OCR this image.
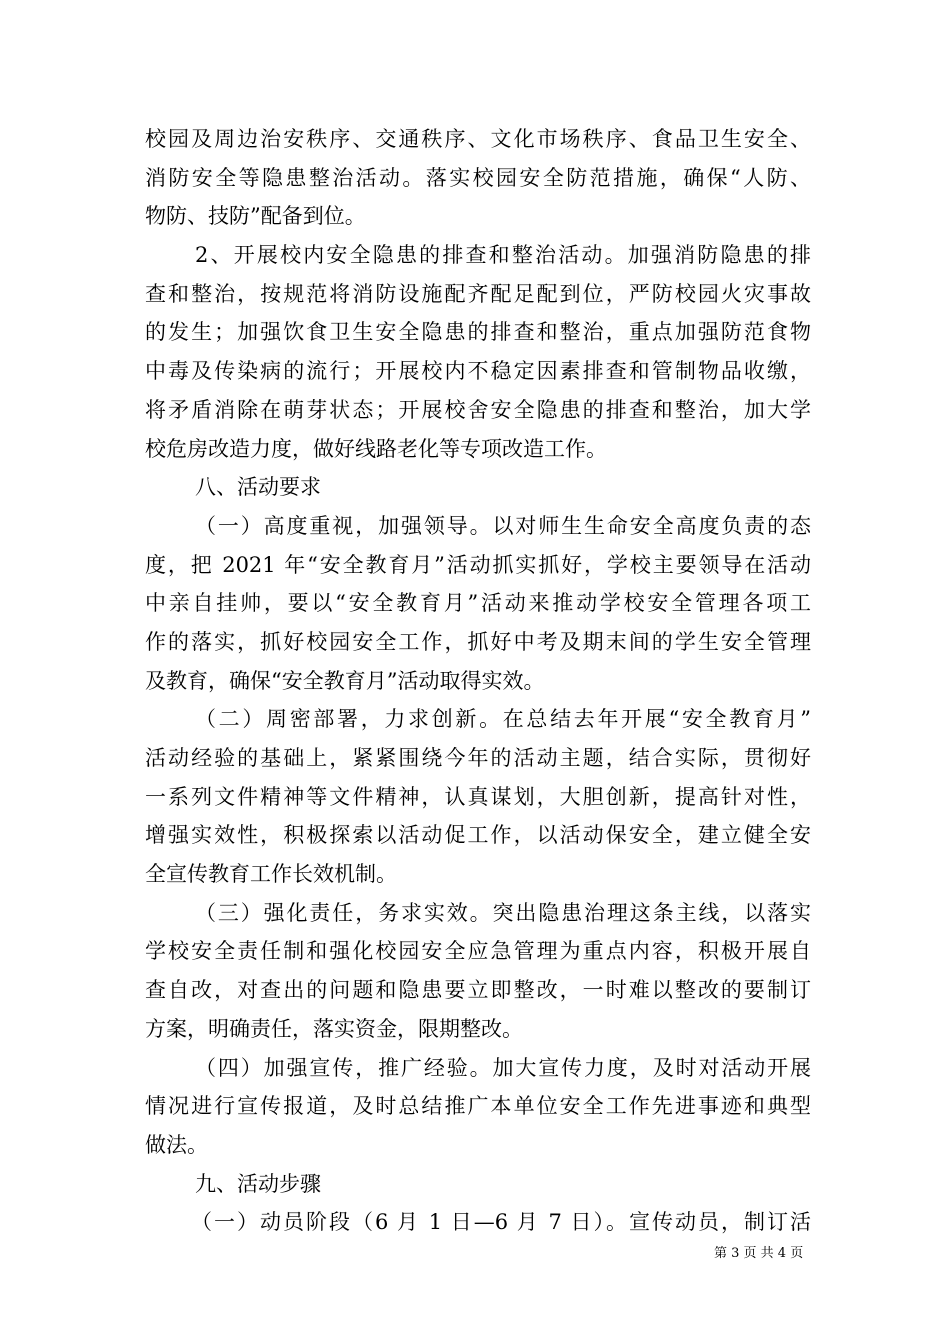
校园及周边治安秩序、交通秩序、文化市场秩序、食品卫生安全、
消防安全等隐患整治活动。落实校园安全防范措施，确保“人防、
物防、技防”配备到位。
2、开展校内安全隐患的排查和整治活动。加强消防隐患的排
查和整治，按规范将消防设施配齐配足配到位，严防校园火灾事故
的发生；加强饮食卫生安全隐患的排查和整治，重点加强防范食物
中毒及传染病的流行；开展校内不稳定因素排查和管制物品收缴，
将矛盾消除在萌芽状态；开展校舍安全隐患的排查和整治，加大学
校危房改造力度，做好线路老化等专项改造工作。
八、活动要求
（一）高度重视，加强领导。以对师生生命安全高度负责的态
度，把 2021 年“安全教育月”活动抓实抓好，学校主要领导在活动
中亲自挂帅，要以“安全教育月”活动来推动学校安全管理各项工
作的落实，抓好校园安全工作，抓好中考及期末间的学生安全管理
及教育，确保“安全教育月”活动取得实效。
（二）周密部署，力求创新。在总结去年开展“安全教育月”
活动经验的基础上，紧紧围绕今年的活动主题，结合实际，贯彻好
一系列文件精神等文件精神，认真谋划，大胆创新，提高针对性，
增强实效性，积极探索以活动促工作，以活动保安全，建立健全安
全宣传教育工作长效机制。
（三）强化责任，务求实效。突出隐患治理这条主线，以落实
学校安全责任制和强化校园安全应急管理为重点内容，积极开展自
查自改，对查出的问题和隐患要立即整改，一时难以整改的要制订
方案，明确责任，落实资金，限期整改。
（四）加强宣传，推广经验。加大宣传力度，及时对活动开展
情况进行宣传报道，及时总结推广本单位安全工作先进事迹和典型
做法。
九、活动步骤
（一）动员阶段（6 月 1 日—6 月 7 日）。宣传动员，制订活
第 3 页 共 4 页
